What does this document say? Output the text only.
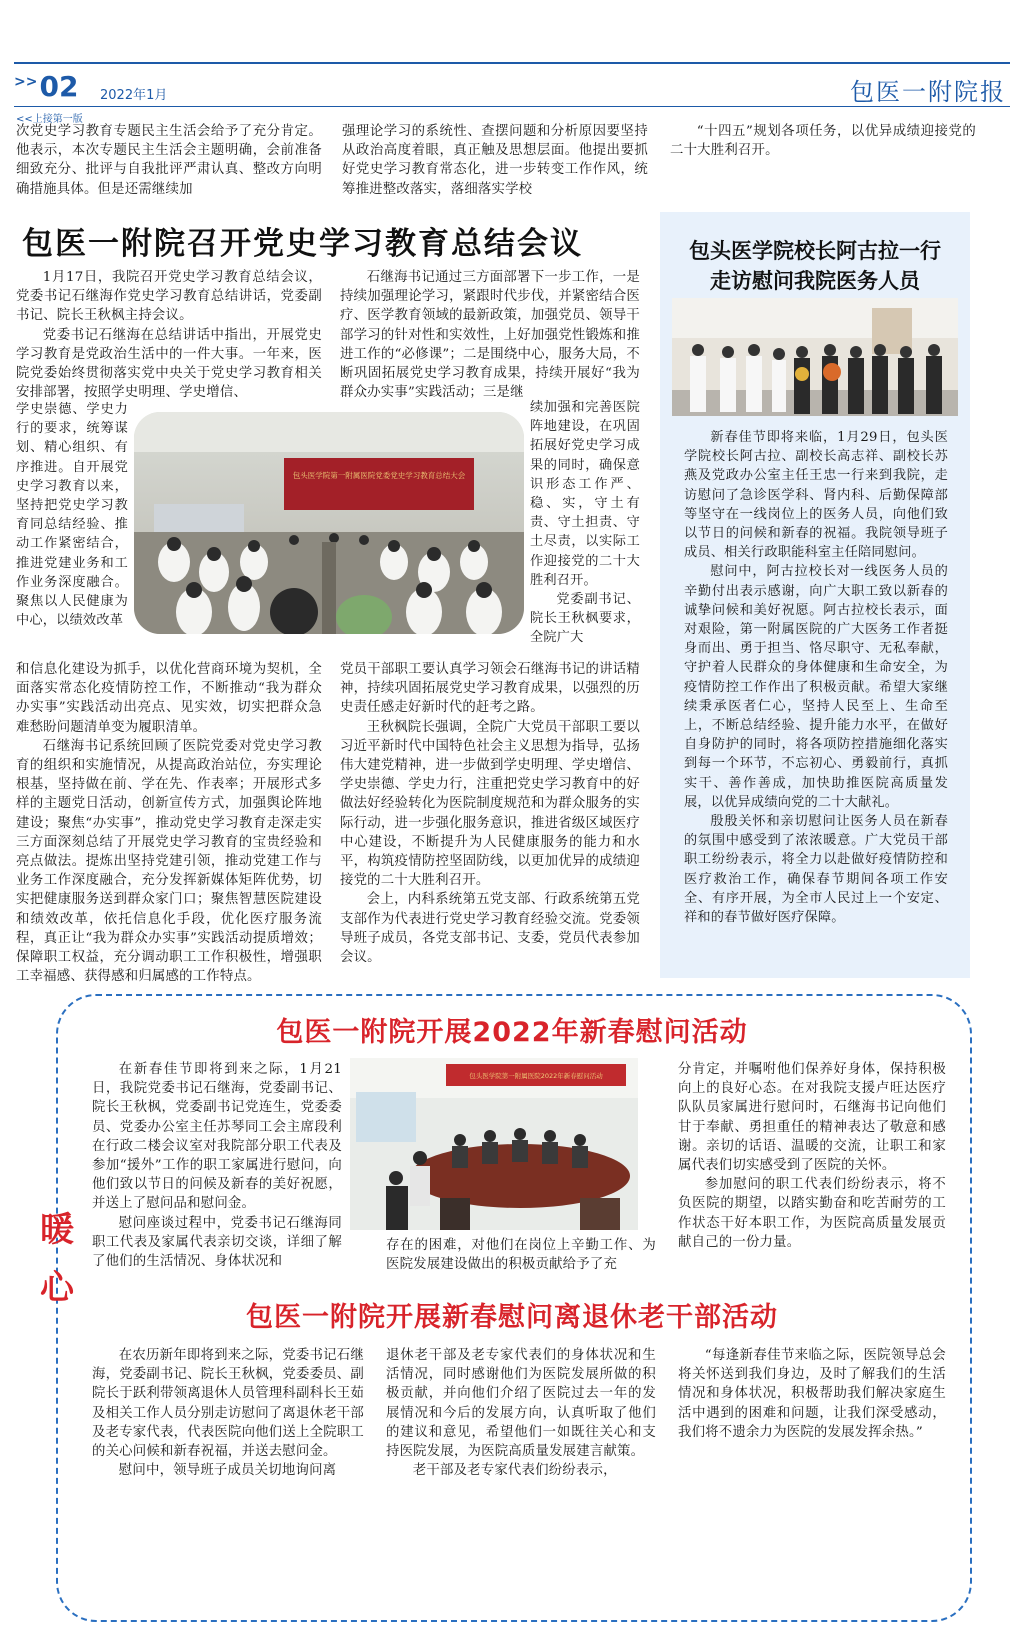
>>02 2022年1月	包医一附院报
<<上接第一版

次党史学习教育专题民主生活会给予了充分肯定。他表示，本次专题民主生活会主题明确，会前准备细致充分、批评与自我批评严肃认真、整改方向明确措施具体。但是还需继续加

强理论学习的系统性、查摆问题和分析原因要坚持从政治高度着眼，真正触及思想层面。他提出要抓好党史学习教育常态化，进一步转变工作作风，统筹推进整改落实，落细落实学校

“十四五”规划各项任务，以优异成绩迎接党的二十大胜利召开。

包医一附院召开党史学习教育总结会议

1月17日，我院召开党史学习教育总结会议，党委书记石继海作党史学习教育总结讲话，党委副书记、院长王秋枫主持会议。

党委书记石继海在总结讲话中指出，开展党史学习教育是党政治生活中的一件大事。一年来，医院党委始终贯彻落实党中央关于党史学习教育相关安排部署，按照学史明理、学史增信、

学史崇德、学史力行的要求，统筹谋划、精心组织、有序推进。自开展党史学习教育以来，坚持把党史学习教育同总结经验、推动工作紧密结合，推进党建业务和工作业务深度融合。聚焦以人民健康为中心，以绩效改革

和信息化建设为抓手，以优化营商环境为契机，全面落实常态化疫情防控工作，不断推动“我为群众办实事”实践活动出亮点、见实效，切实把群众急难愁盼问题清单变为履职清单。

石继海书记系统回顾了医院党委对党史学习教育的组织和实施情况，从提高政治站位，夯实理论根基，坚持做在前、学在先、作表率；开展形式多样的主题党日活动，创新宣传方式，加强舆论阵地建设；聚焦“办实事”，推动党史学习教育走深走实三方面深刻总结了开展党史学习教育的宝贵经验和亮点做法。提炼出坚持党建引领，推动党建工作与业务工作深度融合，充分发挥新媒体矩阵优势，切实把健康服务送到群众家门口；聚焦智慧医院建设和绩效改革，依托信息化手段，优化医疗服务流程，真正让“我为群众办实事”实践活动提质增效；保障职工权益，充分调动职工工作积极性，增强职工幸福感、获得感和归属感的工作特点。

石继海书记通过三方面部署下一步工作，一是持续加强理论学习，紧跟时代步伐，并紧密结合医疗、医学教育领域的最新政策，加强党员、领导干部学习的针对性和实效性，上好加强党性锻炼和推进工作的“必修课”；二是围绕中心，服务大局，不断巩固拓展党史学习教育成果，持续开展好“我为群众办实事”实践活动；三是继

续加强和完善医院阵地建设，在巩固拓展好党史学习成果的同时，确保意识形态工作严、稳、实，守土有责、守土担责、守土尽责，以实际工作迎接党的二十大胜利召开。

党委副书记、院长王秋枫要求，全院广大

党员干部职工要认真学习领会石继海书记的讲话精神，持续巩固拓展党史学习教育成果，以强烈的历史责任感走好新时代的赶考之路。

王秋枫院长强调，全院广大党员干部职工要以习近平新时代中国特色社会主义思想为指导，弘扬伟大建党精神，进一步做到学史明理、学史增信、学史崇德、学史力行，注重把党史学习教育中的好做法好经验转化为医院制度规范和为群众服务的实际行动，进一步强化服务意识，推进省级区域医疗中心建设，不断提升为人民健康服务的能力和水平，构筑疫情防控坚固防线，以更加优异的成绩迎接党的二十大胜利召开。

会上，内科系统第五党支部、行政系统第五党支部作为代表进行党史学习教育经验交流。党委领导班子成员，各党支部书记、支委，党员代表参加会议。

包头医学院第一附属医院党委党史学习教育总结大会
包头医学院校长阿古拉一行
走访慰问我院医务人员

新春佳节即将来临，1月29日，包头医学院校长阿古拉、副校长高志祥、副校长苏燕及党政办公室主任王忠一行来到我院，走访慰问了急诊医学科、肾内科、后勤保障部等坚守在一线岗位上的医务人员，向他们致以节日的问候和新春的祝福。我院领导班子成员、相关行政职能科室主任陪同慰问。

慰问中，阿古拉校长对一线医务人员的辛勤付出表示感谢，向广大职工致以新春的诚挚问候和美好祝愿。阿古拉校长表示，面对艰险，第一附属医院的广大医务工作者挺身而出、勇于担当、恪尽职守、无私奉献，守护着人民群众的身体健康和生命安全，为疫情防控工作作出了积极贡献。希望大家继续秉承医者仁心，坚持人民至上、生命至上，不断总结经验、提升能力水平，在做好自身防护的同时，将各项防控措施细化落实到每一个环节，不忘初心、勇毅前行，真抓实干、善作善成，加快助推医院高质量发展，以优异成绩向党的二十大献礼。

殷殷关怀和亲切慰问让医务人员在新春的氛围中感受到了浓浓暖意。广大党员干部职工纷纷表示，将全力以赴做好疫情防控和医疗救治工作，确保春节期间各项工作安全、有序开展，为全市人民过上一个安定、祥和的春节做好医疗保障。

暖
心
包医一附院开展2022年新春慰问活动

在新春佳节即将到来之际，1月21日，我院党委书记石继海，党委副书记、院长王秋枫，党委副书记党连生，党委委员、党委办公室主任苏琴同工会主席段利在行政二楼会议室对我院部分职工代表及参加“援外”工作的职工家属进行慰问，向他们致以节日的问候及新春的美好祝愿，并送上了慰问品和慰问金。

慰问座谈过程中，党委书记石继海同职工代表及家属代表亲切交谈，详细了解了他们的生活情况、身体状况和

包头医学院第一附属医院2022年新春慰问活动

存在的困难，对他们在岗位上辛勤工作、为医院发展建设做出的积极贡献给予了充

分肯定，并嘱咐他们保养好身体，保持积极向上的良好心态。在对我院支援卢旺达医疗队队员家属进行慰问时，石继海书记向他们甘于奉献、勇担重任的精神表达了敬意和感谢。亲切的话语、温暖的交流，让职工和家属代表们切实感受到了医院的关怀。

参加慰问的职工代表们纷纷表示，将不负医院的期望，以踏实勤奋和吃苦耐劳的工作状态干好本职工作，为医院高质量发展贡献自己的一份力量。

包医一附院开展新春慰问离退休老干部活动

在农历新年即将到来之际，党委书记石继海，党委副书记、院长王秋枫，党委委员、副院长于跃利带领离退休人员管理科副科长王茹及相关工作人员分别走访慰问了离退休老干部及老专家代表，代表医院向他们送上全院职工的关心问候和新春祝福，并送去慰问金。

慰问中，领导班子成员关切地询问离

退休老干部及老专家代表们的身体状况和生活情况，同时感谢他们为医院发展所做的积极贡献，并向他们介绍了医院过去一年的发展情况和今后的发展方向，认真听取了他们的建议和意见，希望他们一如既往关心和支持医院发展，为医院高质量发展建言献策。

老干部及老专家代表们纷纷表示，

“每逢新春佳节来临之际，医院领导总会将关怀送到我们身边，及时了解我们的生活情况和身体状况，积极帮助我们解决家庭生活中遇到的困难和问题，让我们深受感动，我们将不遗余力为医院的发展发挥余热。”
